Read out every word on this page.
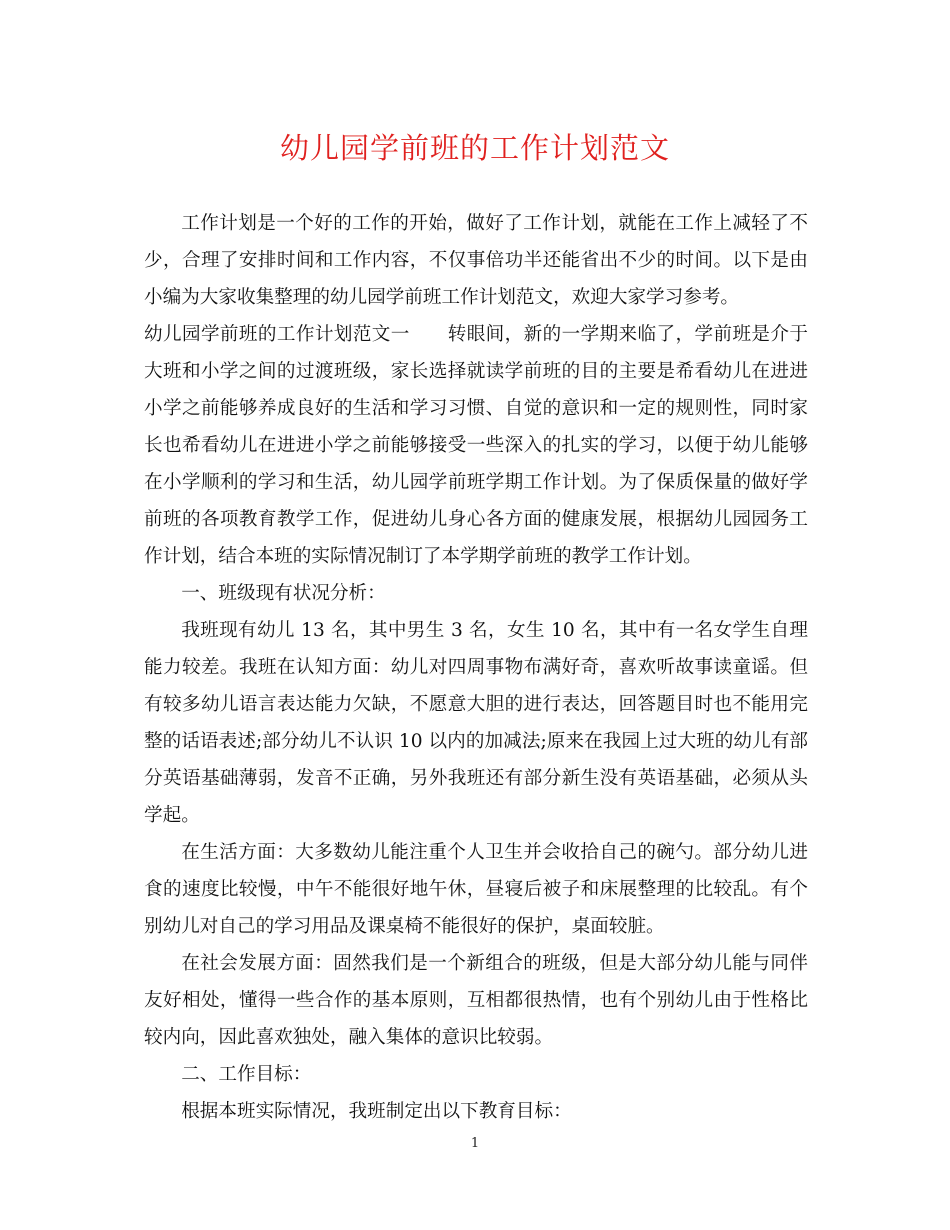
幼儿园学前班的工作计划范文

工作计划是一个好的工作的开始，做好了工作计划，就能在工作上减轻了不少，合理了安排时间和工作内容，不仅事倍功半还能省出不少的时间。以下是由小编为大家收集整理的幼儿园学前班工作计划范文，欢迎大家学习参考。

幼儿园学前班的工作计划范文一　　转眼间，新的一学期来临了，学前班是介于大班和小学之间的过渡班级，家长选择就读学前班的目的主要是希看幼儿在进进小学之前能够养成良好的生活和学习习惯、自觉的意识和一定的规则性，同时家长也希看幼儿在进进小学之前能够接受一些深入的扎实的学习，以便于幼儿能够在小学顺利的学习和生活，幼儿园学前班学期工作计划。为了保质保量的做好学前班的各项教育教学工作，促进幼儿身心各方面的健康发展，根据幼儿园园务工作计划，结合本班的实际情况制订了本学期学前班的教学工作计划。

一、班级现有状况分析：

我班现有幼儿 13 名，其中男生 3 名，女生 10 名，其中有一名女学生自理能力较差。我班在认知方面：幼儿对四周事物布满好奇，喜欢听故事读童谣。但有较多幼儿语言表达能力欠缺，不愿意大胆的进行表达，回答题目时也不能用完整的话语表述;部分幼儿不认识 10 以内的加减法;原来在我园上过大班的幼儿有部分英语基础薄弱，发音不正确，另外我班还有部分新生没有英语基础，必须从头学起。

在生活方面：大多数幼儿能注重个人卫生并会收拾自己的碗勺。部分幼儿进食的速度比较慢，中午不能很好地午休，昼寝后被子和床展整理的比较乱。有个别幼儿对自己的学习用品及课桌椅不能很好的保护，桌面较脏。

在社会发展方面：固然我们是一个新组合的班级，但是大部分幼儿能与同伴友好相处，懂得一些合作的基本原则，互相都很热情，也有个别幼儿由于性格比较内向，因此喜欢独处，融入集体的意识比较弱。

二、工作目标：

根据本班实际情况，我班制定出以下教育目标：

1
